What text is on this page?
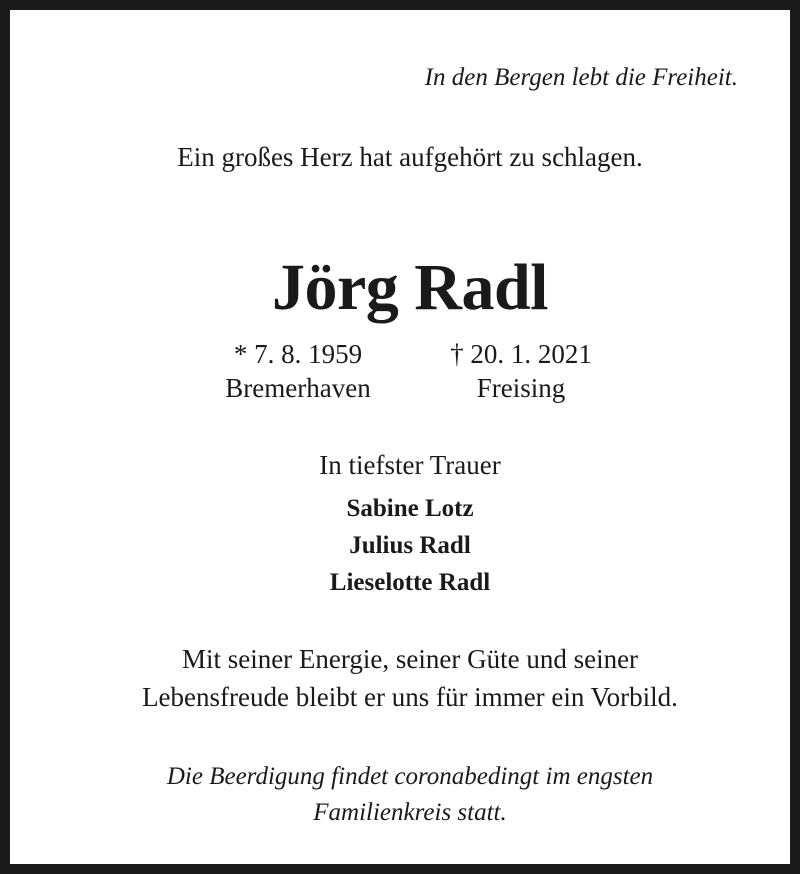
In den Bergen lebt die Freiheit.
Ein großes Herz hat aufgehört zu schlagen.
Jörg Radl
* 7. 8. 1959
Bremerhaven
† 20. 1. 2021
Freising
In tiefster Trauer
Sabine Lotz
Julius Radl
Lieselotte Radl
Mit seiner Energie, seiner Güte und seiner
Lebensfreude bleibt er uns für immer ein Vorbild.
Die Beerdigung findet coronabedingt im engsten
Familienkreis statt.
